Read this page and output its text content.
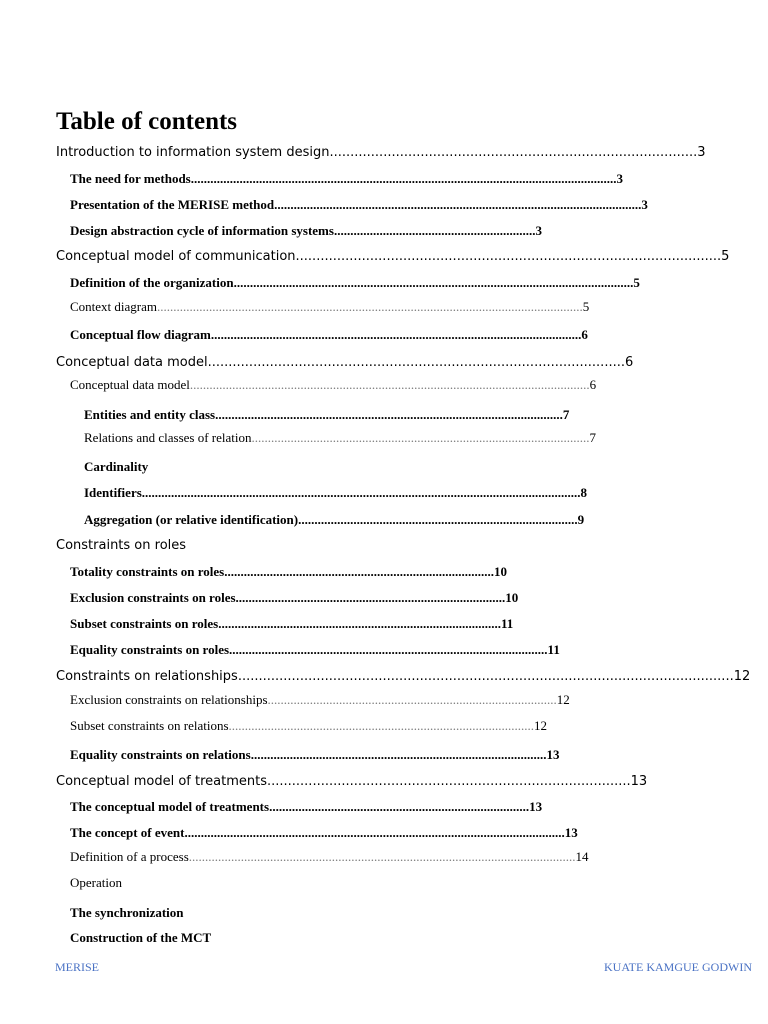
Table of contents
Introduction to information system design.........................................................................................3
The need for methods...................................................................................................................................3
Presentation of the MERISE method.................................................................................................................3
Design abstraction cycle of information systems..............................................................3
Conceptual model of communication.......................................................................................................5
Definition of the organization...........................................................................................................................5
Context diagram...................................................................................................................................5
Conceptual flow diagram..................................................................................................................6
Conceptual data model.....................................................................................................6
Conceptual data model...........................................................................................................................6
Entities and entity class...........................................................................................................7
Relations and classes of relation........................................................................................................7
Cardinality
Identifiers.......................................................................................................................................8
Aggregation (or relative identification)......................................................................................9
Constraints on roles
Totality constraints on roles...................................................................................10
Exclusion constraints on roles...................................................................................10
Subset constraints on roles.......................................................................................11
Equality constraints on roles..................................................................................................11
Constraints on relationships........................................................................................................................12
Exclusion constraints on relationships.........................................................................................12
Subset constraints on relations..............................................................................................12
Equality constraints on relations...........................................................................................13
Conceptual model of treatments........................................................................................13
The conceptual model of treatments................................................................................13
The concept of event.....................................................................................................................13
Definition of a process.......................................................................................................................14
Operation
The synchronization
Construction of the MCT
MERISE	KUATE KAMGUE GODWIN
